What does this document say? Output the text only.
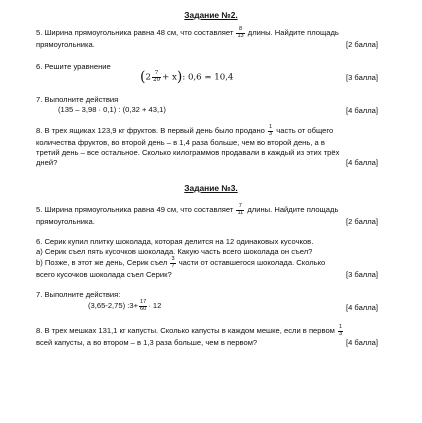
Задание №2.
5. Ширина прямоугольника равна 48 см, что составляет $\frac{8}{13}$ длины. Найдите площадь
прямоугольника.	[2 балла]
6. Решите уравнение
$(2 \frac{7}{20} + x)$: 0,6 = 10,4	[3 балла]
7. Выполните действия
(135 – 3,98 · 0,1) : (0,32 + 43,1)	[4 балла]
8. В трех ящиках 123,9 кг фруктов. В первый день было продано $\frac{1}{3}$ часть от общего
количества фруктов, во второй день – в 1,4 раза больше, чем во второй день, а в
третий день – все остальное. Сколько килограммов продавали в каждый из этих трёх
дней?	[4 балла]
Задание №3.
5. Ширина прямоугольника равна 49 см, что составляет $\frac{7}{11}$ длины. Найдите площадь
прямоугольника.	[2 балла]
6. Серик купил плитку шоколада, которая делится на 12 одинаковых кусочков.
а) Серик съел пять кусочков шоколада. Какую часть всего шоколада он съел?
b) Позже, в этот же день, Серик съел $\frac{3}{7}$ части от оставшегося шоколада. Сколько
всего кусочков шоколада съел Серик?	[3 балла]
7. Выполните действия:
(3,65-2,75) :3+ $\frac{17}{60} \cdot 12$	[4 балла]
8. В трех мешках 131,1 кг капусты. Сколько капусты в каждом мешке, если в первом $\frac{1}{3}$
всей капусты, а во втором – в 1,3 раза больше, чем в первом?	[4 балла]
